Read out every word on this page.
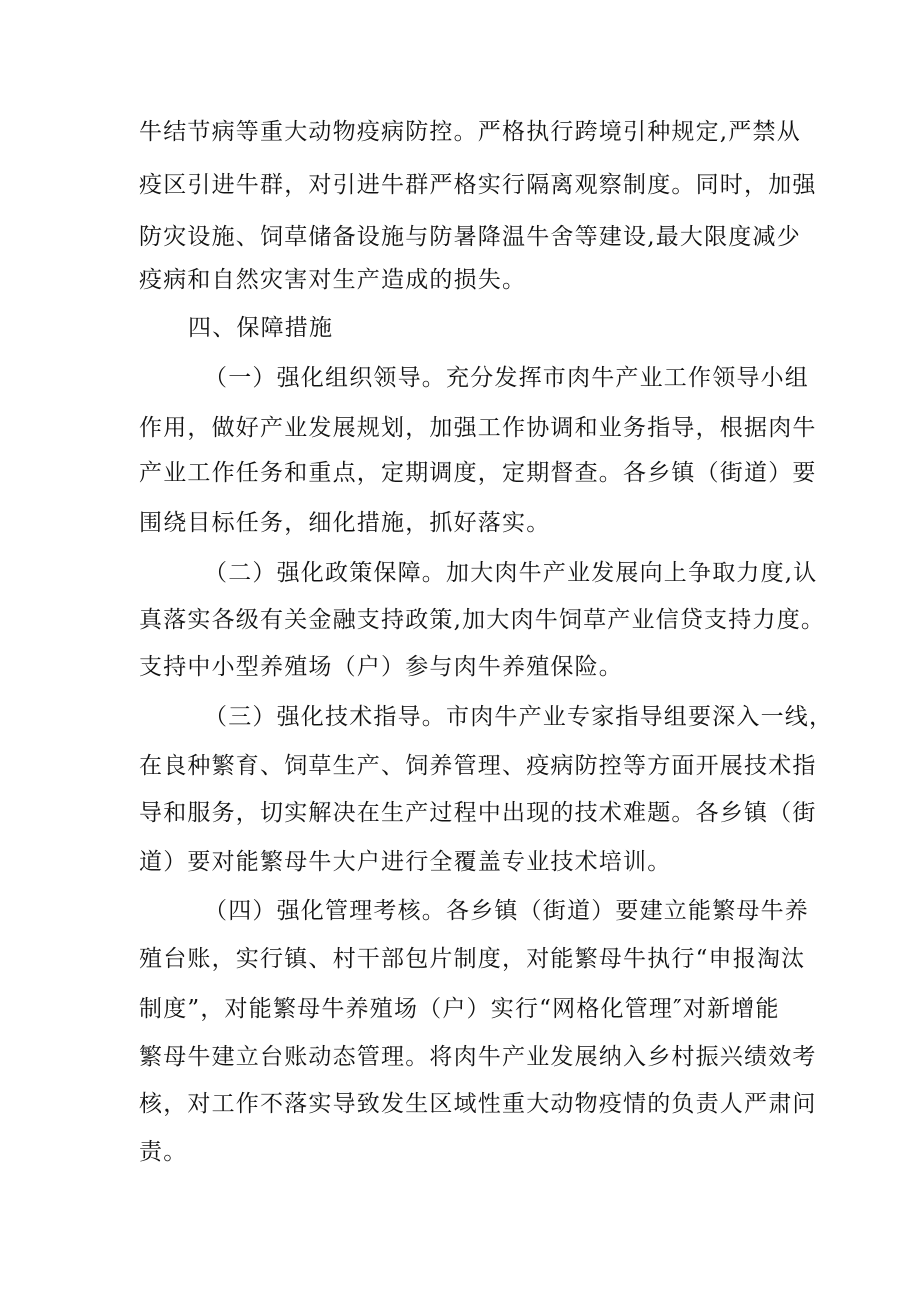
牛结节病等重大动物疫病防控。严格执行跨境引种规定,严禁从

疫区引进牛群，对引进牛群严格实行隔离观察制度。同时，加强

防灾设施、饲草储备设施与防暑降温牛舍等建设,最大限度减少

疫病和自然灾害对生产造成的损失。

四、保障措施

（一）强化组织领导。充分发挥市肉牛产业工作领导小组

作用，做好产业发展规划，加强工作协调和业务指导，根据肉牛

产业工作任务和重点，定期调度，定期督查。各乡镇（街道）要

围绕目标任务，细化措施，抓好落实。

（二）强化政策保障。加大肉牛产业发展向上争取力度,认

真落实各级有关金融支持政策,加大肉牛饲草产业信贷支持力度。

支持中小型养殖场（户）参与肉牛养殖保险。

（三）强化技术指导。市肉牛产业专家指导组要深入一线，

在良种繁育、饲草生产、饲养管理、疫病防控等方面开展技术指

导和服务，切实解决在生产过程中出现的技术难题。各乡镇（街

道）要对能繁母牛大户进行全覆盖专业技术培训。

（四）强化管理考核。各乡镇（街道）要建立能繁母牛养

殖台账，实行镇、村干部包片制度，对能繁母牛执行“申报淘汰

制度”，对能繁母牛养殖场（户）实行“网格化管理″对新增能

繁母牛建立台账动态管理。将肉牛产业发展纳入乡村振兴绩效考

核，对工作不落实导致发生区域性重大动物疫情的负责人严肃问

责。
